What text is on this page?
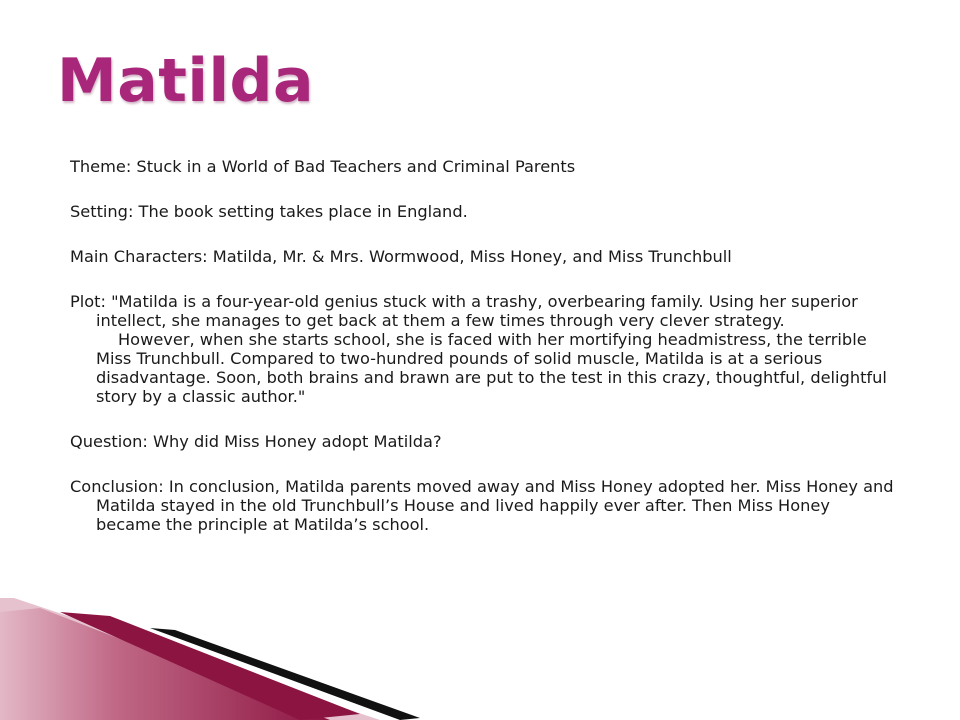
Matilda

Theme: Stuck in a World of Bad Teachers and Criminal Parents

Setting: The book setting takes place in England.

Main Characters: Matilda, Mr. & Mrs. Wormwood, Miss Honey, and Miss Trunchbull

Plot: "Matilda is a four-year-old genius stuck with a trashy, overbearing family. Using her superior intellect, she manages to get back at them a few times through very clever strategy.
However, when she starts school, she is faced with her mortifying headmistress, the terrible Miss Trunchbull. Compared to two-hundred pounds of solid muscle, Matilda is at a serious disadvantage. Soon, both brains and brawn are put to the test in this crazy, thoughtful, delightful story by a classic author."

Question: Why did Miss Honey adopt Matilda?

Conclusion: In conclusion, Matilda parents moved away and Miss Honey adopted her. Miss Honey and Matilda stayed in the old Trunchbull’s House and lived happily ever after. Then Miss Honey became the principle at Matilda’s school.
